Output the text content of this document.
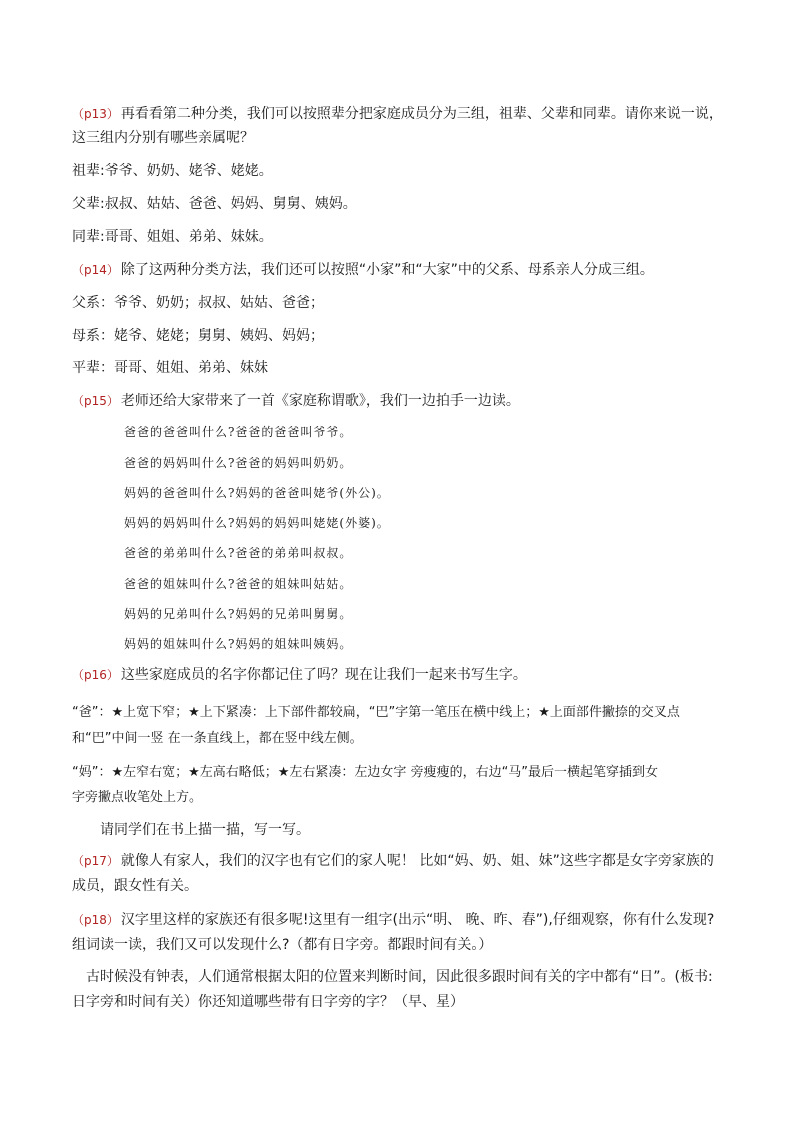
（p13） 再看看第二种分类，我们可以按照辈分把家庭成员分为三组，祖辈、父辈和同辈。请你来说一说，
这三组内分别有哪些亲属呢？
祖辈:爷爷、奶奶、姥爷、姥姥。
父辈:叔叔、姑姑、爸爸、妈妈、舅舅、姨妈。
同辈:哥哥、姐姐、弟弟、妹妹。
（p14） 除了这两种分类方法，我们还可以按照“小家”和“大家”中的父系、母系亲人分成三组。
父系：爷爷、奶奶；叔叔、姑姑、爸爸；
母系：姥爷、姥姥；舅舅、姨妈、妈妈；
平辈：哥哥、姐姐、弟弟、妹妹
（p15） 老师还给大家带来了一首《家庭称谓歌》，我们一边拍手一边读。
爸爸的爸爸叫什么?爸爸的爸爸叫爷爷。
爸爸的妈妈叫什么?爸爸的妈妈叫奶奶。
妈妈的爸爸叫什么?妈妈的爸爸叫姥爷(外公)。
妈妈的妈妈叫什么?妈妈的妈妈叫姥姥(外婆)。
爸爸的弟弟叫什么?爸爸的弟弟叫叔叔。
爸爸的姐妹叫什么?爸爸的姐妹叫姑姑。
妈妈的兄弟叫什么?妈妈的兄弟叫舅舅。
妈妈的姐妹叫什么?妈妈的姐妹叫姨妈。
（p16） 这些家庭成员的名字你都记住了吗？现在让我们一起来书写生字。
“爸”：★上宽下窄；★上下紧凑：上下部件都较扁，“巴”字第一笔压在横中线上；★上面部件撇捺的交叉点
和“巴”中间一竖 在一条直线上，都在竖中线左侧。
“妈”：★左窄右宽；★左高右略低；★左右紧凑：左边女字 旁瘦瘦的，右边“马”最后一横起笔穿插到女
字旁撇点收笔处上方。
请同学们在书上描一描，写一写。
（p17） 就像人有家人，我们的汉字也有它们的家人呢！ 比如“妈、奶、姐、妹”这些字都是女字旁家族的
成员，跟女性有关。
（p18） 汉字里这样的家族还有很多呢!这里有一组字(出示“明、 晚、昨、春”),仔细观察，你有什么发现?
组词读一读，我们又可以发现什么?（都有日字旁。都跟时间有关。）
古时候没有钟表，人们通常根据太阳的位置来判断时间，因此很多跟时间有关的字中都有“日”。(板书:
日字旁和时间有关）你还知道哪些带有日字旁的字？（早、星）
